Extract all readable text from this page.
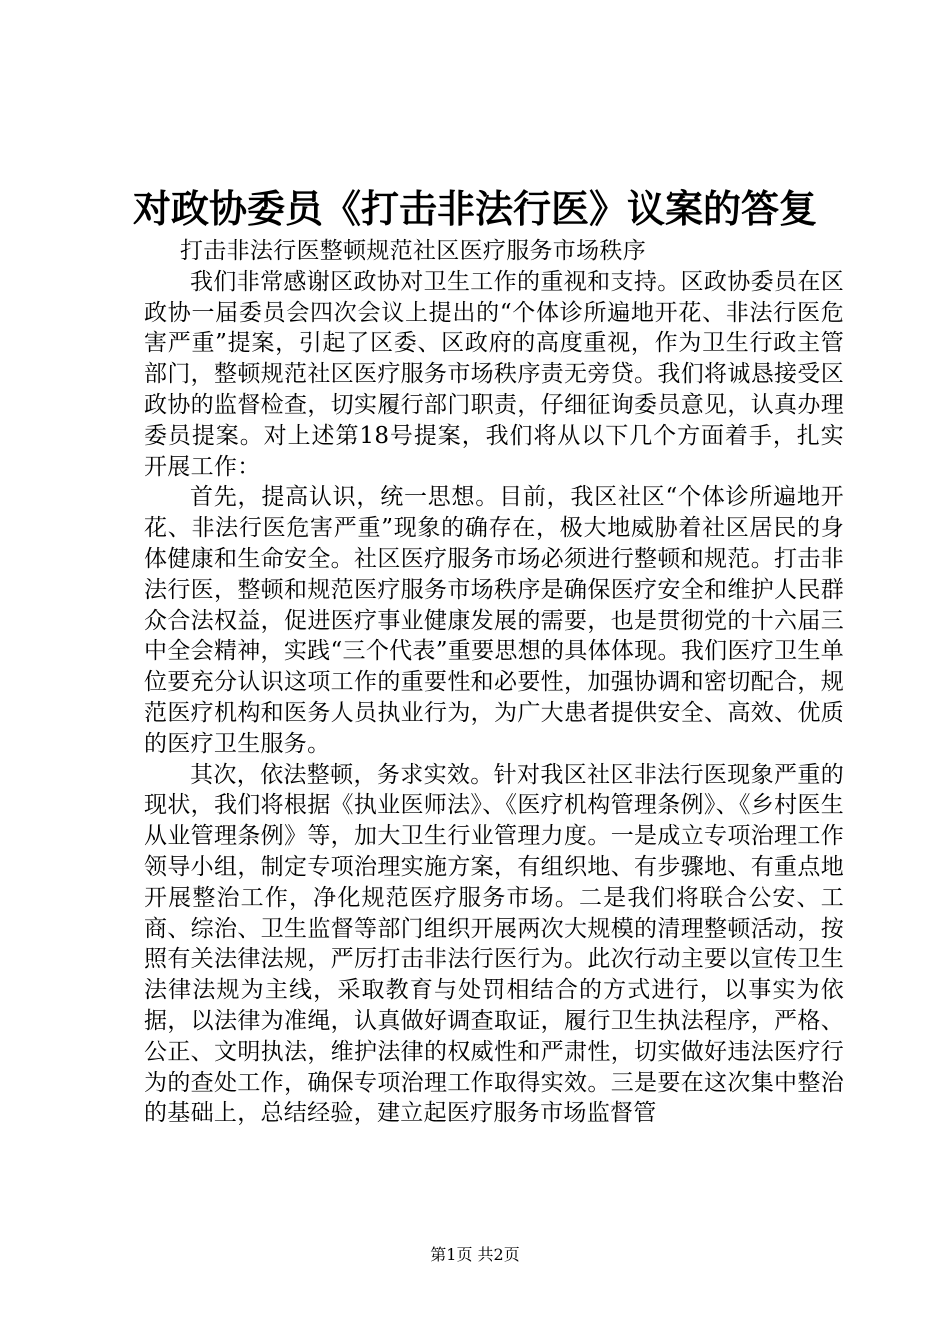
对政协委员《打击非法行医》议案的答复

打击非法行医整顿规范社区医疗服务市场秩序

我们非常感谢区政协对卫生工作的重视和支持。区政协委员在区政协一届委员会四次会议上提出的“个体诊所遍地开花、非法行医危害严重”提案，引起了区委、区政府的高度重视，作为卫生行政主管部门，整顿规范社区医疗服务市场秩序责无旁贷。我们将诚恳接受区政协的监督检查，切实履行部门职责，仔细征询委员意见，认真办理委员提案。对上述第18号提案，我们将从以下几个方面着手，扎实开展工作：

首先，提高认识，统一思想。目前，我区社区“个体诊所遍地开花、非法行医危害严重”现象的确存在，极大地威胁着社区居民的身体健康和生命安全。社区医疗服务市场必须进行整顿和规范。打击非法行医，整顿和规范医疗服务市场秩序是确保医疗安全和维护人民群众合法权益，促进医疗事业健康发展的需要，也是贯彻党的十六届三中全会精神，实践“三个代表”重要思想的具体体现。我们医疗卫生单位要充分认识这项工作的重要性和必要性，加强协调和密切配合，规范医疗机构和医务人员执业行为，为广大患者提供安全、高效、优质的医疗卫生服务。

其次，依法整顿，务求实效。针对我区社区非法行医现象严重的现状，我们将根据《执业医师法》、《医疗机构管理条例》、《乡村医生从业管理条例》等，加大卫生行业管理力度。一是成立专项治理工作领导小组，制定专项治理实施方案，有组织地、有步骤地、有重点地开展整治工作，净化规范医疗服务市场。二是我们将联合公安、工商、综治、卫生监督等部门组织开展两次大规模的清理整顿活动，按照有关法律法规，严厉打击非法行医行为。此次行动主要以宣传卫生法律法规为主线，采取教育与处罚相结合的方式进行，以事实为依据，以法律为准绳，认真做好调查取证，履行卫生执法程序，严格、公正、文明执法，维护法律的权威性和严肃性，切实做好违法医疗行为的查处工作，确保专项治理工作取得实效。三是要在这次集中整治的基础上，总结经验，建立起医疗服务市场监督管

第1页 共2页
